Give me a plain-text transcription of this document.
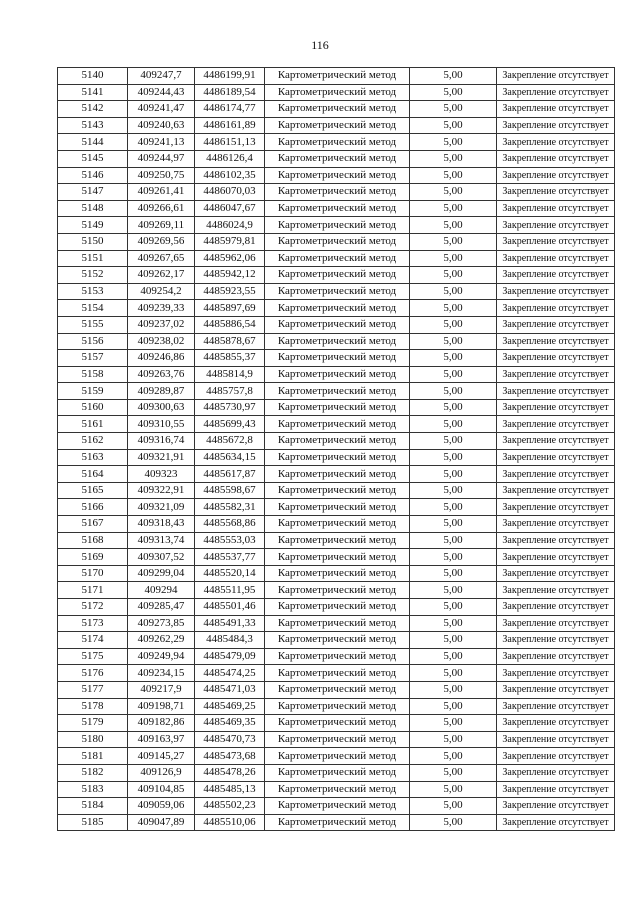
116
5140	409247,7	4486199,91	Картометрический метод	5,00	Закрепление отсутствует
5141	409244,43	4486189,54	Картометрический метод	5,00	Закрепление отсутствует
5142	409241,47	4486174,77	Картометрический метод	5,00	Закрепление отсутствует
5143	409240,63	4486161,89	Картометрический метод	5,00	Закрепление отсутствует
5144	409241,13	4486151,13	Картометрический метод	5,00	Закрепление отсутствует
5145	409244,97	4486126,4	Картометрический метод	5,00	Закрепление отсутствует
5146	409250,75	4486102,35	Картометрический метод	5,00	Закрепление отсутствует
5147	409261,41	4486070,03	Картометрический метод	5,00	Закрепление отсутствует
5148	409266,61	4486047,67	Картометрический метод	5,00	Закрепление отсутствует
5149	409269,11	4486024,9	Картометрический метод	5,00	Закрепление отсутствует
5150	409269,56	4485979,81	Картометрический метод	5,00	Закрепление отсутствует
5151	409267,65	4485962,06	Картометрический метод	5,00	Закрепление отсутствует
5152	409262,17	4485942,12	Картометрический метод	5,00	Закрепление отсутствует
5153	409254,2	4485923,55	Картометрический метод	5,00	Закрепление отсутствует
5154	409239,33	4485897,69	Картометрический метод	5,00	Закрепление отсутствует
5155	409237,02	4485886,54	Картометрический метод	5,00	Закрепление отсутствует
5156	409238,02	4485878,67	Картометрический метод	5,00	Закрепление отсутствует
5157	409246,86	4485855,37	Картометрический метод	5,00	Закрепление отсутствует
5158	409263,76	4485814,9	Картометрический метод	5,00	Закрепление отсутствует
5159	409289,87	4485757,8	Картометрический метод	5,00	Закрепление отсутствует
5160	409300,63	4485730,97	Картометрический метод	5,00	Закрепление отсутствует
5161	409310,55	4485699,43	Картометрический метод	5,00	Закрепление отсутствует
5162	409316,74	4485672,8	Картометрический метод	5,00	Закрепление отсутствует
5163	409321,91	4485634,15	Картометрический метод	5,00	Закрепление отсутствует
5164	409323	4485617,87	Картометрический метод	5,00	Закрепление отсутствует
5165	409322,91	4485598,67	Картометрический метод	5,00	Закрепление отсутствует
5166	409321,09	4485582,31	Картометрический метод	5,00	Закрепление отсутствует
5167	409318,43	4485568,86	Картометрический метод	5,00	Закрепление отсутствует
5168	409313,74	4485553,03	Картометрический метод	5,00	Закрепление отсутствует
5169	409307,52	4485537,77	Картометрический метод	5,00	Закрепление отсутствует
5170	409299,04	4485520,14	Картометрический метод	5,00	Закрепление отсутствует
5171	409294	4485511,95	Картометрический метод	5,00	Закрепление отсутствует
5172	409285,47	4485501,46	Картометрический метод	5,00	Закрепление отсутствует
5173	409273,85	4485491,33	Картометрический метод	5,00	Закрепление отсутствует
5174	409262,29	4485484,3	Картометрический метод	5,00	Закрепление отсутствует
5175	409249,94	4485479,09	Картометрический метод	5,00	Закрепление отсутствует
5176	409234,15	4485474,25	Картометрический метод	5,00	Закрепление отсутствует
5177	409217,9	4485471,03	Картометрический метод	5,00	Закрепление отсутствует
5178	409198,71	4485469,25	Картометрический метод	5,00	Закрепление отсутствует
5179	409182,86	4485469,35	Картометрический метод	5,00	Закрепление отсутствует
5180	409163,97	4485470,73	Картометрический метод	5,00	Закрепление отсутствует
5181	409145,27	4485473,68	Картометрический метод	5,00	Закрепление отсутствует
5182	409126,9	4485478,26	Картометрический метод	5,00	Закрепление отсутствует
5183	409104,85	4485485,13	Картометрический метод	5,00	Закрепление отсутствует
5184	409059,06	4485502,23	Картометрический метод	5,00	Закрепление отсутствует
5185	409047,89	4485510,06	Картометрический метод	5,00	Закрепление отсутствует
